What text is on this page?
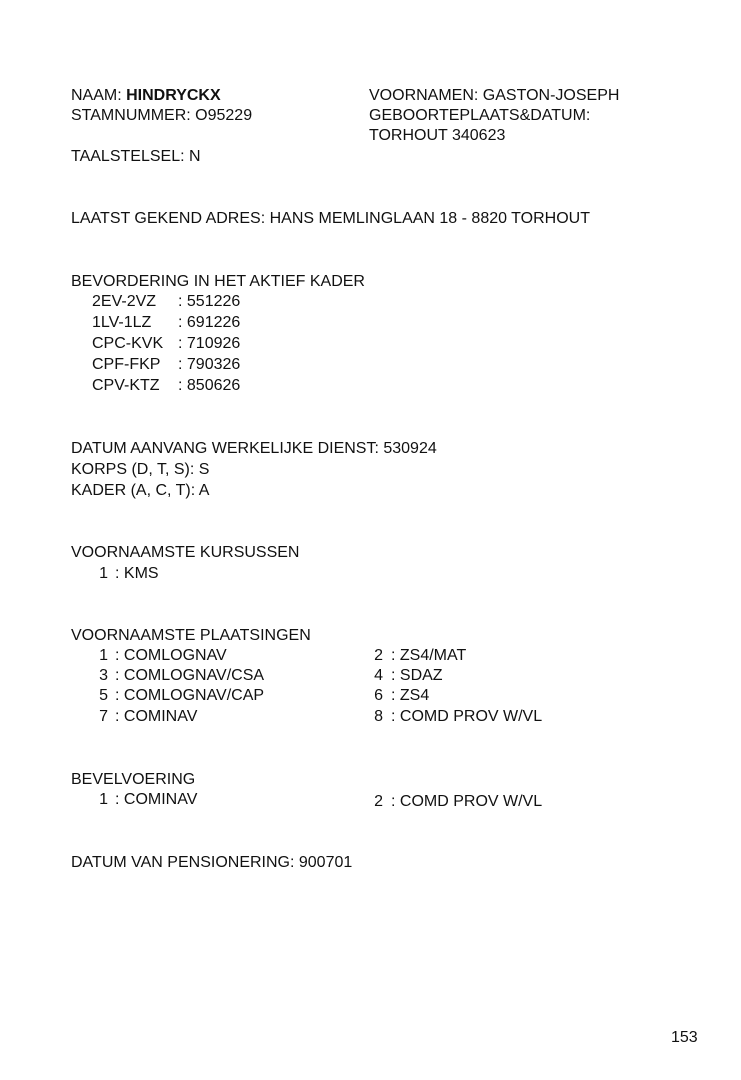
NAAM: HINDRYCKX
STAMNUMMER: O95229
TAALSTELSEL: N
VOORNAMEN: GASTON-JOSEPH
GEBOORTEPLAATS&DATUM:
TORHOUT 340623
LAATST GEKEND ADRES: HANS MEMLINGLAAN 18 - 8820 TORHOUT
BEVORDERING IN HET AKTIEF KADER
2EV-2VZ : 551226
1LV-1LZ : 691226
CPC-KVK : 710926
CPF-FKP : 790326
CPV-KTZ : 850626
DATUM AANVANG WERKELIJKE DIENST: 530924
KORPS (D, T, S): S
KADER (A, C, T): A
VOORNAAMSTE KURSUSSEN
1 : KMS
VOORNAAMSTE PLAATSINGEN
1 : COMLOGNAV	2 : ZS4/MAT
3 : COMLOGNAV/CSA	4 : SDAZ
5 : COMLOGNAV/CAP	6 : ZS4
7 : COMINAV	8 : COMD PROV W/VL
BEVELVOERING
1 : COMINAV	2 : COMD PROV W/VL
DATUM VAN PENSIONERING: 900701
153
